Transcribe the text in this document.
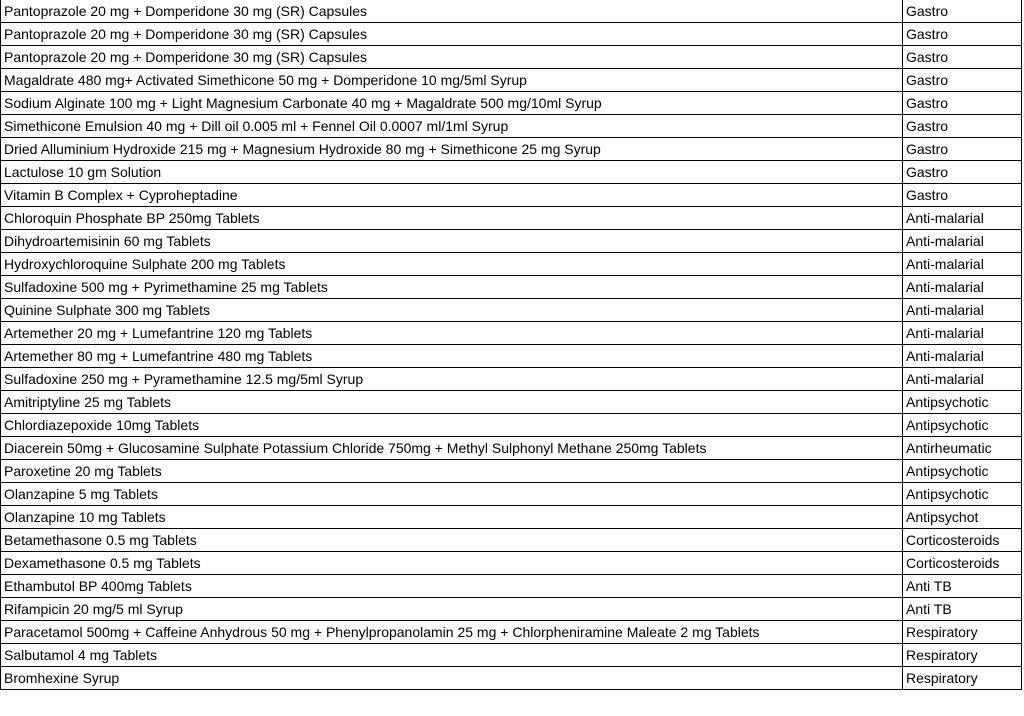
Pantoprazole 20 mg + Domperidone 30 mg (SR) Capsules	Gastro
Pantoprazole 20 mg + Domperidone 30 mg (SR) Capsules	Gastro
Pantoprazole 20 mg + Domperidone 30 mg (SR) Capsules	Gastro
Magaldrate 480 mg+ Activated Simethicone 50 mg + Domperidone 10 mg/5ml Syrup	Gastro
Sodium Alginate 100 mg + Light Magnesium Carbonate 40 mg + Magaldrate 500 mg/10ml Syrup	Gastro
Simethicone Emulsion 40 mg + Dill oil 0.005 ml + Fennel Oil 0.0007 ml/1ml Syrup	Gastro
Dried Alluminium Hydroxide 215 mg + Magnesium Hydroxide 80 mg + Simethicone 25 mg Syrup	Gastro
Lactulose 10 gm Solution	Gastro
Vitamin B Complex + Cyproheptadine	Gastro
Chloroquin Phosphate BP 250mg Tablets	Anti-malarial
Dihydroartemisinin 60 mg Tablets	Anti-malarial
Hydroxychloroquine Sulphate 200 mg Tablets	Anti-malarial
Sulfadoxine 500 mg + Pyrimethamine 25 mg Tablets	Anti-malarial
Quinine Sulphate 300 mg Tablets	Anti-malarial
Artemether 20 mg + Lumefantrine 120 mg Tablets	Anti-malarial
Artemether 80 mg + Lumefantrine 480 mg Tablets	Anti-malarial
Sulfadoxine 250 mg + Pyramethamine 12.5 mg/5ml Syrup	Anti-malarial
Amitriptyline 25 mg Tablets	Antipsychotic
Chlordiazepoxide 10mg Tablets	Antipsychotic
Diacerein 50mg + Glucosamine Sulphate Potassium Chloride 750mg + Methyl Sulphonyl Methane 250mg Tablets	Antirheumatic
Paroxetine 20 mg Tablets	Antipsychotic
Olanzapine 5 mg Tablets	Antipsychotic
Olanzapine 10 mg Tablets	Antipsychot
Betamethasone 0.5 mg Tablets	Corticosteroids
Dexamethasone 0.5 mg Tablets	Corticosteroids
Ethambutol BP 400mg Tablets	Anti TB
Rifampicin 20 mg/5 ml Syrup	Anti TB
Paracetamol 500mg + Caffeine Anhydrous 50 mg + Phenylpropanolamin 25 mg + Chlorpheniramine Maleate 2 mg Tablets	Respiratory
Salbutamol 4 mg Tablets	Respiratory
Bromhexine Syrup	Respiratory
